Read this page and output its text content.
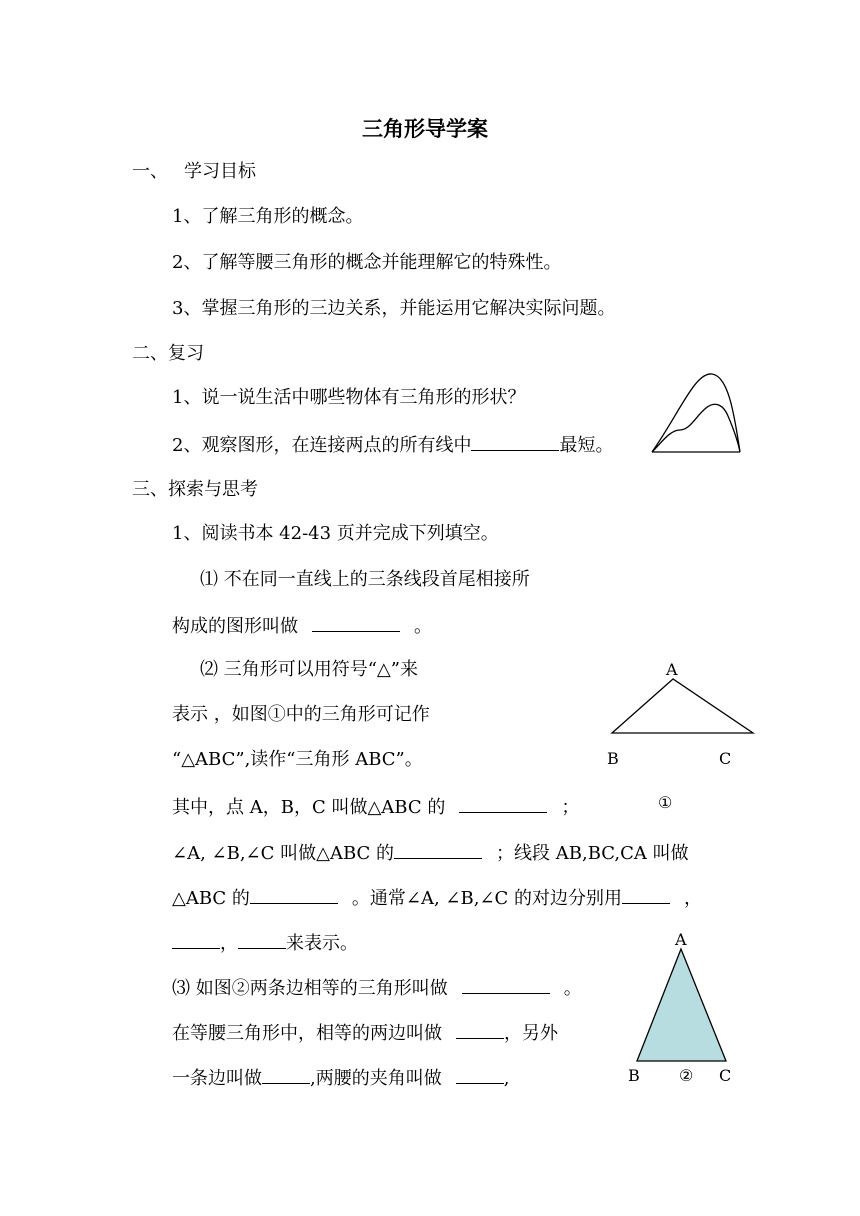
三角形导学案
一、 学习目标
1、了解三角形的概念。
2、了解等腰三角形的概念并能理解它的特殊性。
3、掌握三角形的三边关系，并能运用它解决实际问题。
二、复习
1、说一说生活中哪些物体有三角形的形状？
2、观察图形，在连接两点的所有线中	最短。
三、探索与思考
1、阅读书本 42-43 页并完成下列填空。
⑴ 不在同一直线上的三条线段首尾相接所
构成的图形叫做	。
⑵ 三角形可以用符号“△”来
表示 ，如图①中的三角形可记作
“△ABC”,读作“三角形 ABC”。
其中，点 A，B，C 叫做△ABC 的	；
∠A, ∠B,∠C 叫做△ABC 的	；线段 AB,BC,CA 叫做
△ABC 的	。通常∠A, ∠B,∠C 的对边分别用	，
，	来表示。
⑶ 如图②两条边相等的三角形叫做	。
在等腰三角形中，相等的两边叫做	，另外
一条边叫做	,两腰的夹角叫做	,
A
B	C
①
A
B ② C
